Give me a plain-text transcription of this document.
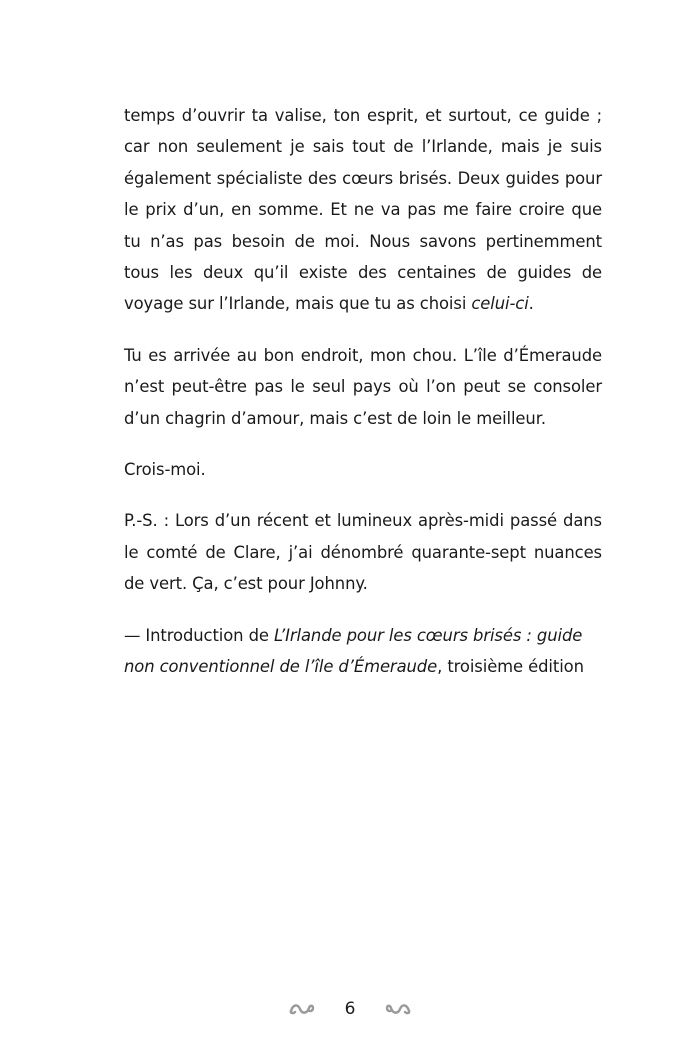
temps d’ouvrir ta valise, ton esprit, et surtout, ce guide ; car non seulement je sais tout de l’Irlande, mais je suis également spécialiste des cœurs brisés. Deux guides pour le prix d’un, en somme. Et ne va pas me faire croire que tu n’as pas besoin de moi. Nous savons pertinemment tous les deux qu’il existe des centaines de guides de voyage sur l’Irlande, mais que tu as choisi celui-ci.

Tu es arrivée au bon endroit, mon chou. L’île d’Émeraude n’est peut-être pas le seul pays où l’on peut se consoler d’un chagrin d’amour, mais c’est de loin le meilleur.

Crois-moi.

P.-S. : Lors d’un récent et lumineux après-midi passé dans le comté de Clare, j’ai dénombré quarante-sept nuances de vert. Ça, c’est pour Johnny.

— Introduction de L’Irlande pour les cœurs brisés : guide non conventionnel de l’île d’Émeraude, troisième édition

6
